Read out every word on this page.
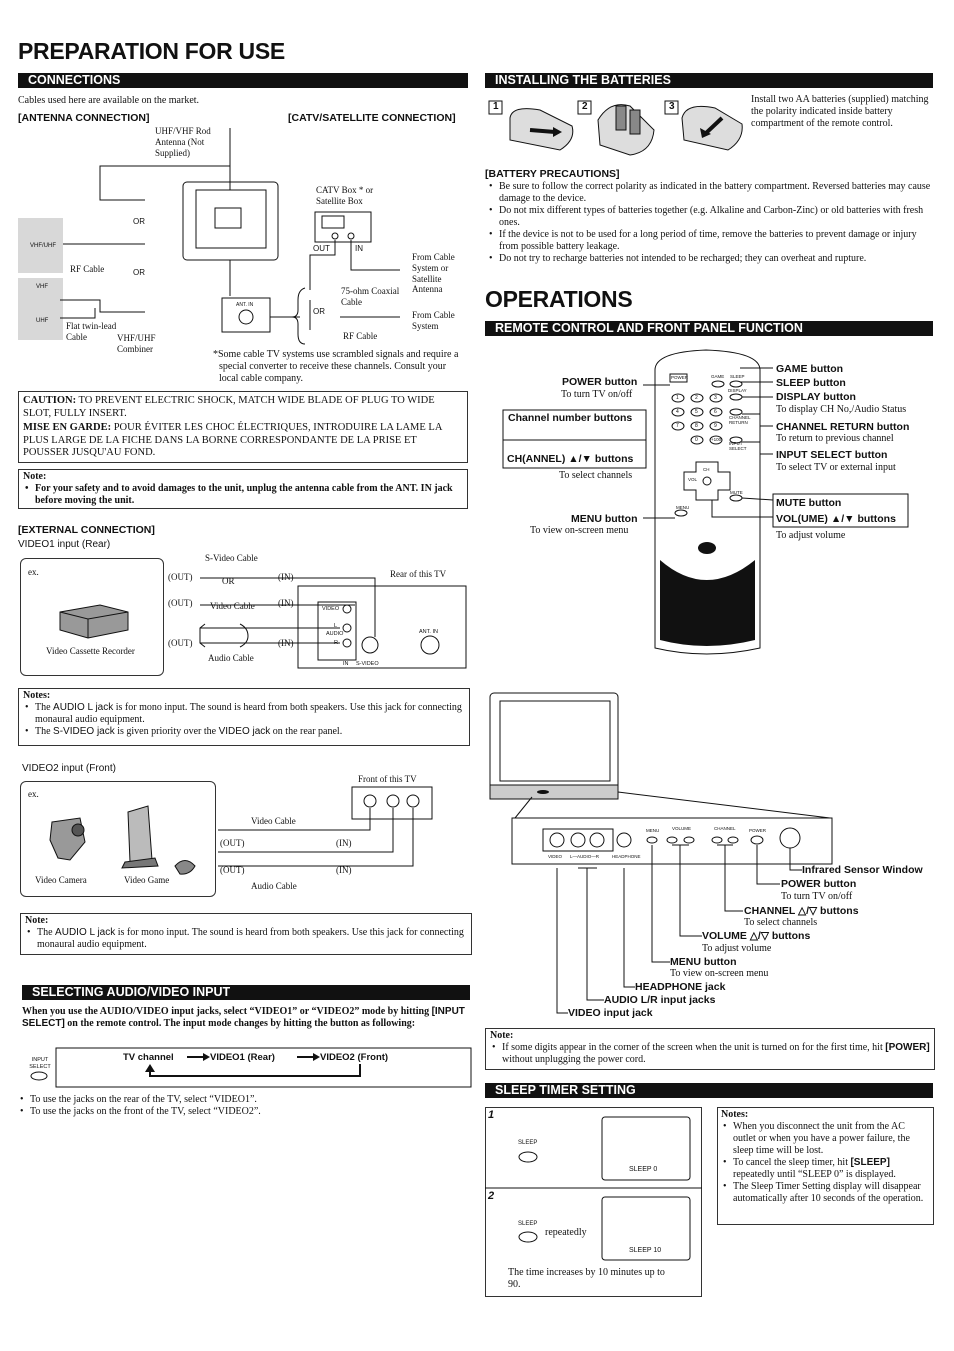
PREPARATION FOR USE
OPERATIONS
CONNECTIONS
Cables used here are available on the market.
[ANTENNA CONNECTION]	[CATV/SATELLITE CONNECTION]
UHF/VHF Rod Antenna (Not Supplied)
OR
OR
VHF/UHF
VHF
UHF
RF Cable
Flat twin-lead Cable	VHF/UHF Combiner
ANT. IN
CATV Box * or Satellite Box
OUT	IN
From Cable System or Satellite Antenna
75-ohm Coaxial Cable
OR	From Cable System
RF Cable
*Some cable TV systems use scrambled signals and require a special converter to receive these channels. Consult your local cable company.
CAUTION: TO PREVENT ELECTRIC SHOCK, MATCH WIDE BLADE OF PLUG TO WIDE SLOT, FULLY INSERT.
MISE EN GARDE: POUR ÉVITER LES CHOC ÉLECTRIQUES, INTRODUIRE LA LAME LA PLUS LARGE DE LA FICHE DANS LA BORNE CORRESPONDANTE DE LA PRISE ET POUSSER JUSQU'AU FOND.
Note:
• For your safety and to avoid damages to the unit, unplug the antenna cable from the ANT. IN jack before moving the unit.
[EXTERNAL CONNECTION]
VIDEO1 input (Rear)
ex.
Video Cassette Recorder
S-Video Cable
(OUT)	OR	(IN)	Rear of this TV
(OUT) Video Cable	(IN)
(OUT)	(IN)
Audio Cable
VIDEO
L
AUDIO
R
IN S-VIDEO
ANT. IN
Notes:
• The AUDIO L jack is for mono input. The sound is heard from both speakers. Use this jack for connecting monaural audio equipment.
• The S-VIDEO jack is given priority over the VIDEO jack on the rear panel.
VIDEO2 input (Front)
ex.
Front of this TV
Video Camera	Video Game
Video Cable
(OUT)	(IN)
(OUT)	(IN)
Audio Cable
Note:
• The AUDIO L jack is for mono input. The sound is heard from both speakers. Use this jack for connecting monaural audio equipment.
SELECTING AUDIO/VIDEO INPUT
When you use the AUDIO/VIDEO input jacks, select “VIDEO1” or “VIDEO2” mode by hitting [INPUT SELECT] on the remote control. The input mode changes by hitting the button as following:
INPUT SELECT
TV channel	VIDEO1 (Rear)	VIDEO2 (Front)
• To use the jacks on the rear of the TV, select “VIDEO1”.
• To use the jacks on the front of the TV, select “VIDEO2”.
INSTALLING THE BATTERIES
1	2	3
Install two AA batteries (supplied) matching the polarity indicated inside battery compartment of the remote control.
[BATTERY PRECAUTIONS]
• Be sure to follow the correct polarity as indicated in the battery compartment. Reversed batteries may cause damage to the device.
• Do not mix different types of batteries together (e.g. Alkaline and Carbon-Zinc) or old batteries with fresh ones.
• If the device is not to be used for a long period of time, remove the batteries to prevent damage or injury from possible battery leakage.
• Do not try to recharge batteries not intended to be recharged; they can overheat and rupture.
REMOTE CONTROL AND FRONT PANEL FUNCTION
POWER	GAME SLEEP
DISPLAY
CHANNEL RETURN
INPUT SELECT
MENU
MUTE
CH
VOL
1	2	3
4	5	6
7	8	9
0	+100
POWER button
To turn TV on/off
Channel number buttons
CH(ANNEL) ▲/▼ buttons
To select channels
MENU button
To view on-screen menu
GAME button
SLEEP button
DISPLAY button
To display CH No,/Audio Status
CHANNEL RETURN button
To return to previous channel
INPUT SELECT button
To select TV or external input
MUTE button
VOL(UME) ▲/▼ buttons
To adjust volume
VIDEO L—AUDIO—R	HEADPHONE
MENU	VOLUME	CHANNEL	POWER
Infrared Sensor Window
POWER button
To turn TV on/off
CHANNEL △/▽ buttons
To select channels
VOLUME △/▽ buttons
To adjust volume
MENU button
To view on-screen menu
HEADPHONE jack
AUDIO L/R input jacks
VIDEO input jack
Note:
• If some digits appear in the corner of the screen when the unit is turned on for the first time, hit [POWER] without unplugging the power cord.
SLEEP TIMER SETTING
1
2
SLEEP
SLEEP
SLEEP 0
SLEEP 10
repeatedly
The time increases by 10 minutes up to 90.
Notes:
• When you disconnect the unit from the AC outlet or when you have a power failure, the sleep time will be lost.
• To cancel the sleep timer, hit [SLEEP] repeatedly until “SLEEP 0” is displayed.
• The Sleep Timer Setting display will disappear automatically after 10 seconds of the operation.
